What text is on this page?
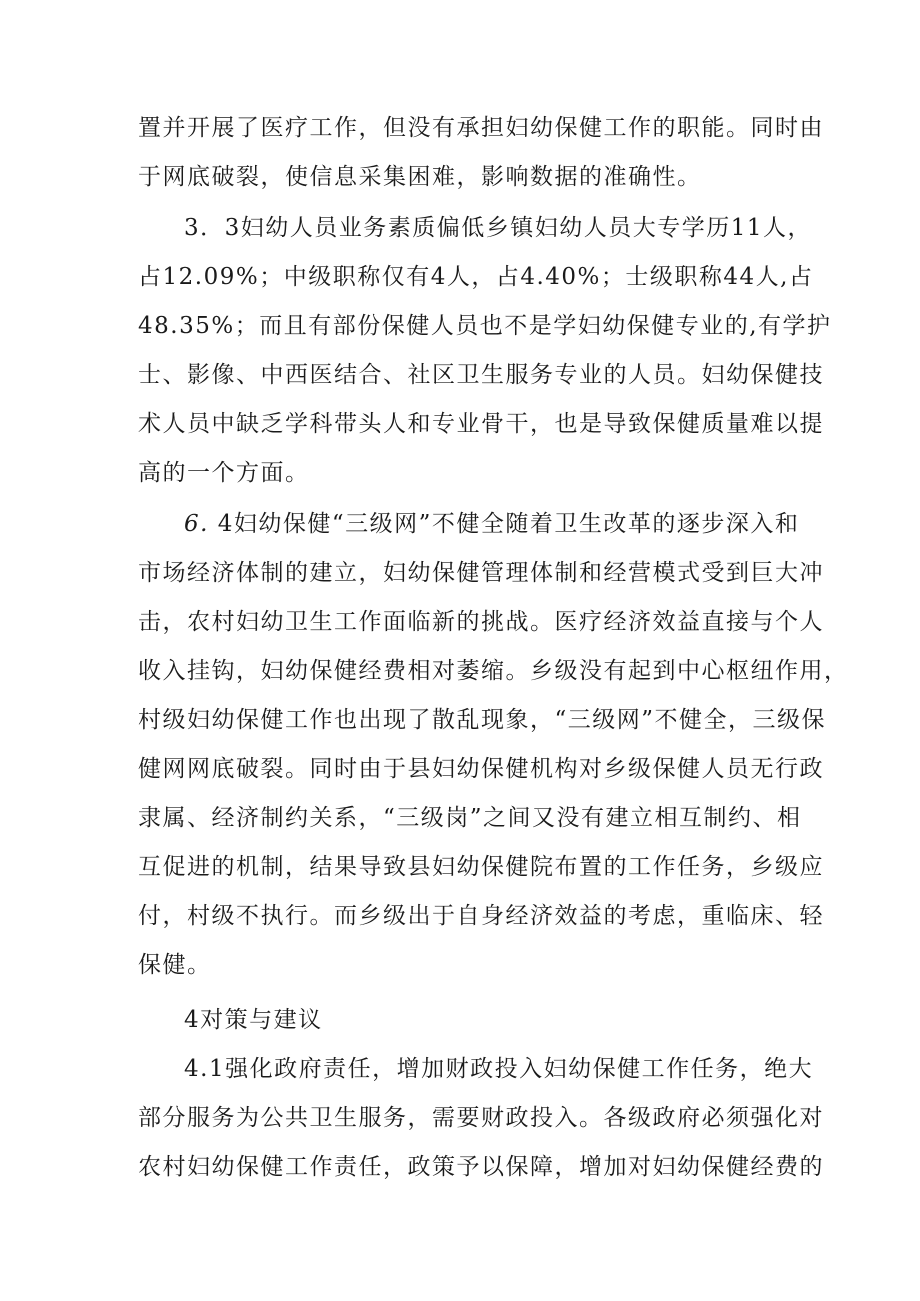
置并开展了医疗工作，但没有承担妇幼保健工作的职能。同时由
于网底破裂，使信息采集困难，影响数据的准确性。
3．3妇幼人员业务素质偏低乡镇妇幼人员大专学历11人，
占12.09%；中级职称仅有4人，占4.40%；士级职称44人,占
48.35%；而且有部份保健人员也不是学妇幼保健专业的,有学护
士、影像、中西医结合、社区卫生服务专业的人员。妇幼保健技
术人员中缺乏学科带头人和专业骨干，也是导致保健质量难以提
高的一个方面。
6. 4妇幼保健“三级网”不健全随着卫生改革的逐步深入和
市场经济体制的建立，妇幼保健管理体制和经营模式受到巨大冲
击，农村妇幼卫生工作面临新的挑战。医疗经济效益直接与个人
收入挂钩，妇幼保健经费相对萎缩。乡级没有起到中心枢纽作用，
村级妇幼保健工作也出现了散乱现象，“三级网”不健全，三级保
健网网底破裂。同时由于县妇幼保健机构对乡级保健人员无行政
隶属、经济制约关系，“三级岗”之间又没有建立相互制约、相
互促进的机制，结果导致县妇幼保健院布置的工作任务，乡级应
付，村级不执行。而乡级出于自身经济效益的考虑，重临床、轻
保健。
4对策与建议
4.1强化政府责任，增加财政投入妇幼保健工作任务，绝大
部分服务为公共卫生服务，需要财政投入。各级政府必须强化对
农村妇幼保健工作责任，政策予以保障，增加对妇幼保健经费的
